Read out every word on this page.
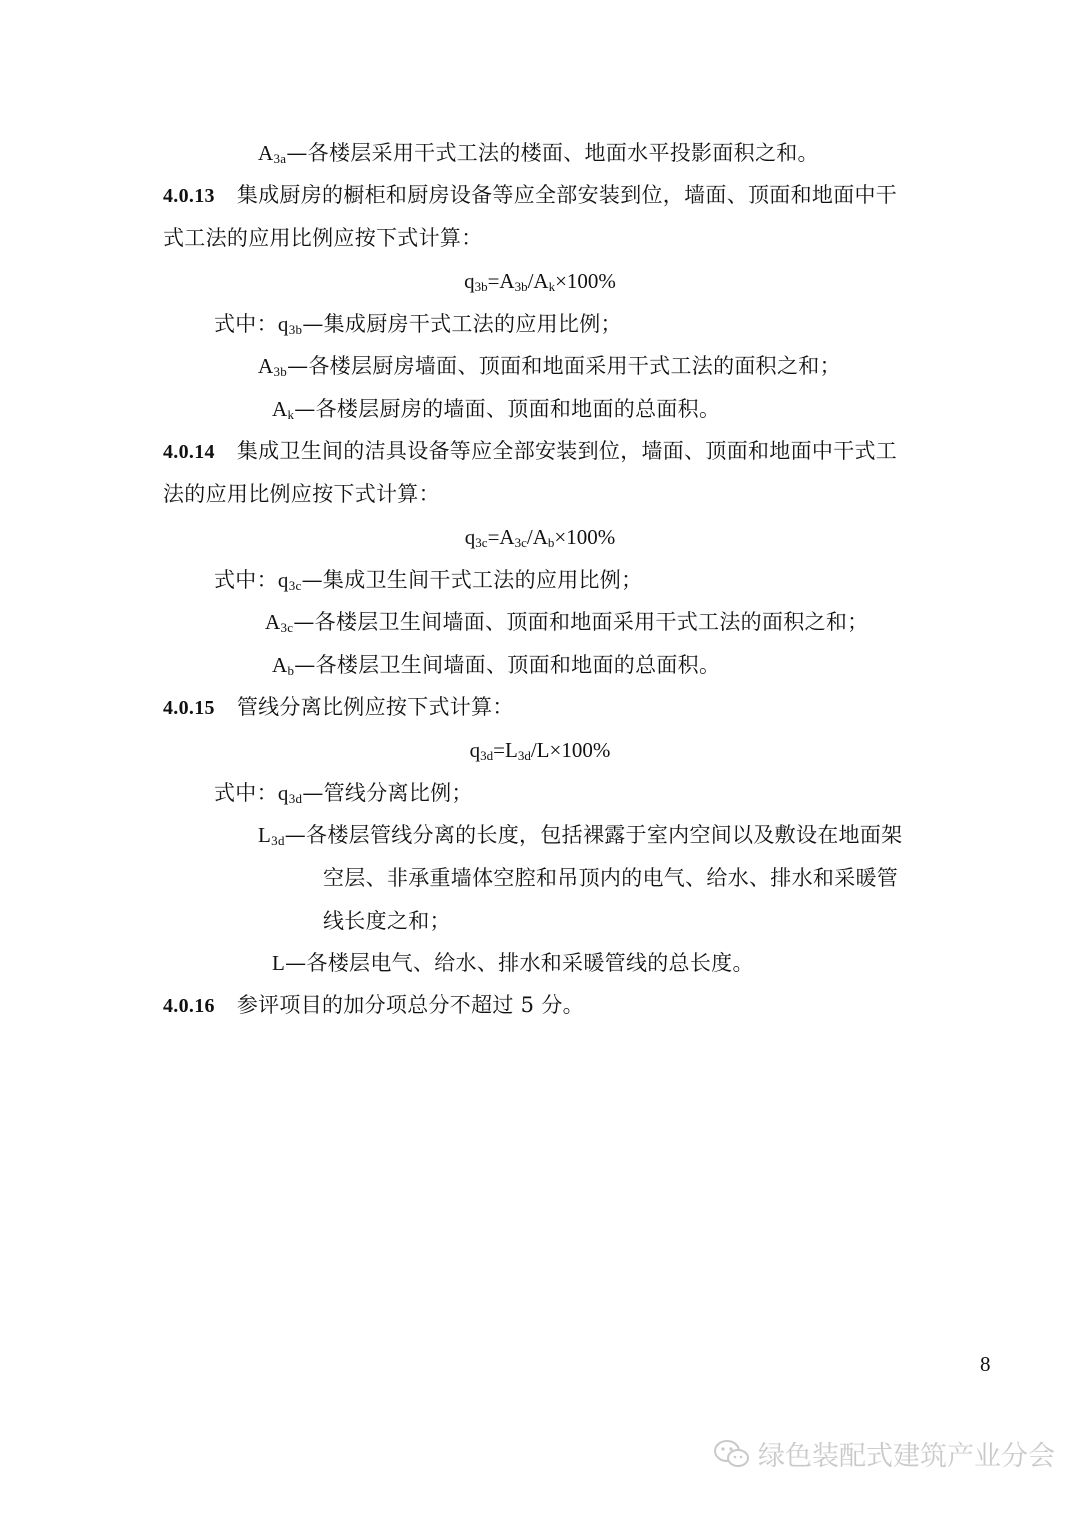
$A_{3a}—$各楼层采用干式工法的楼面、地面水平投影面积之和。
4.0.13 集成厨房的橱柜和厨房设备等应全部安装到位，墙面、顶面和地面中干
式工法的应用比例应按下式计算：
$q_{3b}=A_{3b}/A_k\times 100\%$
式中：$q_{3b}—$集成厨房干式工法的应用比例；
$A_{3b}—$各楼层厨房墙面、顶面和地面采用干式工法的面积之和；
$A_k—$各楼层厨房的墙面、顶面和地面的总面积。
4.0.14 集成卫生间的洁具设备等应全部安装到位，墙面、顶面和地面中干式工
法的应用比例应按下式计算：
$q_{3c}=A_{3c}/A_b\times 100\%$
式中：$q_{3c}—$集成卫生间干式工法的应用比例；
$A_{3c}—$各楼层卫生间墙面、顶面和地面采用干式工法的面积之和；
$A_b—$各楼层卫生间墙面、顶面和地面的总面积。
4.0.15 管线分离比例应按下式计算：
$q_{3d}=L_{3d}/L\times 100\%$
式中：$q_{3d}—$管线分离比例；
$L_{3d}—$各楼层管线分离的长度，包括裸露于室内空间以及敷设在地面架
空层、非承重墙体空腔和吊顶内的电气、给水、排水和采暖管
线长度之和；
L—各楼层电气、给水、排水和采暖管线的总长度。
4.0.16 参评项目的加分项总分不超过 5 分。
8
绿色装配式建筑产业分会
